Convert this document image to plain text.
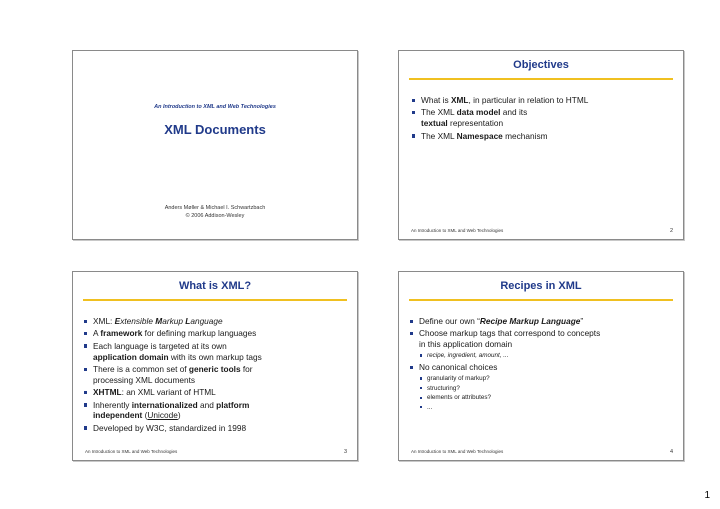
An Introduction to XML and Web Technologies
XML Documents
Anders Møller & Michael I. Schwartzbach
© 2006 Addison-Wesley
Objectives
What is XML, in particular in relation to HTML
The XML data model and its
textual representation
The XML Namespace mechanism
An Introduction to XML and Web Technologies	2
What is XML?
XML: Extensible Markup Language
A framework for defining markup languages
Each language is targeted at its own
application domain with its own markup tags
There is a common set of generic tools for
processing XML documents
XHTML: an XML variant of HTML
Inherently internationalized and platform
independent (Unicode)
Developed by W3C, standardized in 1998
An Introduction to XML and Web Technologies	3
Recipes in XML
Define our own “Recipe Markup Language”
Choose markup tags that correspond to concepts
in this application domain
recipe, ingredient, amount, ...
No canonical choices
granularity of markup?
structuring?
elements or attributes?
...
An Introduction to XML and Web Technologies	4
1
